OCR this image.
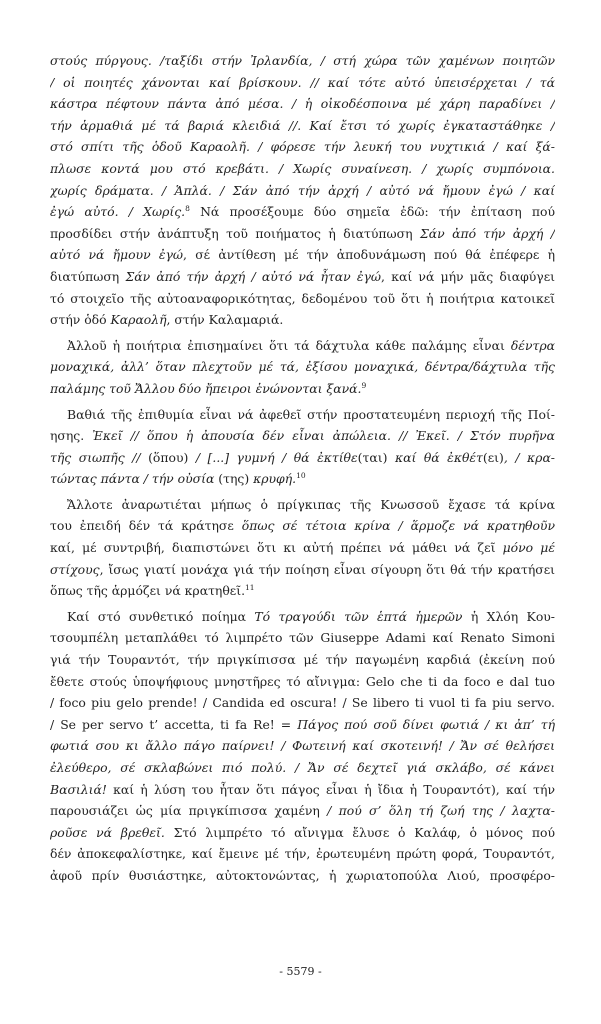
στούς πύργους. /ταξίδι στήν Ἰρλανδία, / στή χώρα τῶν χαμένων ποιητῶν
/ οἱ ποιητές χάνονται καί βρίσκουν. // καί τότε αὐτό ὑπεισέρχεται / τά
κάστρα πέφτουν πάντα ἀπό μέσα. / ἡ οἰκοδέσποινα μέ χάρη παραδίνει /
τήν ἁρμαθιά μέ τά βαριά κλειδιά //. Καί ἔτσι τό χωρίς ἐγκαταστάθηκε /
στό σπίτι τῆς ὁδοῦ Καραολῆ. / φόρεσε τήν λευκή του νυχτικιά / καί ξά-
πλωσε κοντά μου στό κρεβάτι. / Χωρίς συναίνεση. / χωρίς συμπόνοια.
χωρίς δράματα. / Ἁπλά. / Σάν ἀπό τήν ἀρχή / αὐτό νά ἤμουν ἐγώ / καί
ἐγώ αὐτό. / Χωρίς.$^8$ Νά προσέξουμε δύο σημεῖα ἐδῶ: τήν ἐπίταση πού
προσδίδει στήν ἀνάπτυξη τοῦ ποιήματος ἡ διατύπωση Σάν ἀπό τήν ἀρχή /
αὐτό νά ἤμουν ἐγώ, σέ ἀντίθεση μέ τήν ἀποδυνάμωση πού θά ἐπέφερε ἡ
διατύπωση Σάν ἀπό τήν ἀρχή / αὐτό νά ἦταν ἐγώ, καί νά μήν μᾶς διαφύγει
τό στοιχεῖο τῆς αὐτοαναφορικότητας, δεδομένου τοῦ ὅτι ἡ ποιήτρια κατοικεῖ
στήν ὁδό Καραολῆ, στήν Καλαμαριά.
Ἀλλοῦ ἡ ποιήτρια ἐπισημαίνει ὅτι τά δάχτυλα κάθε παλάμης εἶναι δέντρα
μοναχικά, ἀλλ’ ὅταν πλεχτοῦν μέ τά, ἐξίσου μοναχικά, δέντρα/δάχτυλα τῆς
παλάμης τοῦ Ἄλλου δύο ἤπειροι ἑνώνονται ξανά.$^9$
Βαθιά τῆς ἐπιθυμία εἶναι νά ἀφεθεῖ στήν προστατευμένη περιοχή τῆς Ποί-
ησης. Ἐκεῖ // ὅπου ἡ ἀπουσία δέν εἶναι ἀπώλεια. // Ἐκεῖ. / Στόν πυρῆνα
τῆς σιωπῆς // (ὅπου) / [...] γυμνή / θά ἐκτίθε(ται) καί θά ἐκθέτ(ει), / κρα-
τώντας πάντα / τήν οὐσία (της) κρυφή.$^{10}$
Ἄλλοτε ἀναρωτιέται μήπως ὁ πρίγκιπας τῆς Κνωσσοῦ ἔχασε τά κρίνα
του ἐπειδή δέν τά κράτησε ὅπως σέ τέτοια κρίνα / ἅρμοζε νά κρατηθοῦν
καί, μέ συντριβή, διαπιστώνει ὅτι κι αὐτή πρέπει νά μάθει νά ζεῖ μόνο μέ
στίχους, ἴσως γιατί μονάχα γιά τήν ποίηση εἶναι σίγουρη ὅτι θά τήν κρατήσει
ὅπως τῆς ἁρμόζει νά κρατηθεῖ.$^{11}$
Καί στό συνθετικό ποίημα Τό τραγούδι τῶν ἑπτά ἡμερῶν ἡ Χλόη Κου-
τσουμπέλη μεταπλάθει τό λιμπρέτο τῶν Giuseppe Adami καί Renato Simoni
γιά τήν Τουραντότ, τήν πριγκίπισσα μέ τήν παγωμένη καρδιά (ἐκείνη πού
ἔθετε στούς ὑποψήφιους μνηστῆρες τό αἴνιγμα: Gelo che ti da foco e dal tuo
/ foco piu gelo prende! / Candida ed oscura! / Se libero ti vuol ti fa piu servo.
/ Se per servo t’ accetta, ti fa Re! = Πάγος πού σοῦ δίνει φωτιά / κι ἀπ’ τή
φωτιά σου κι ἄλλο πάγο παίρνει! / Φωτεινή καί σκοτεινή! / Ἄν σέ θελήσει
ἐλεύθερο, σέ σκλαβώνει πιό πολύ. / Ἄν σέ δεχτεῖ γιά σκλάβο, σέ κάνει
Βασιλιά! καί ἡ λύση του ἦταν ὅτι πάγος εἶναι ἡ ἴδια ἡ Τουραντότ), καί τήν
παρουσιάζει ὡς μία πριγκίπισσα χαμένη / πού σ’ ὅλη τή ζωή της / λαχτα-
ροῦσε νά βρεθεῖ. Στό λιμπρέτο τό αἴνιγμα ἔλυσε ὁ Καλάφ, ὁ μόνος πού
δέν ἀποκεφαλίστηκε, καί ἔμεινε μέ τήν, ἐρωτευμένη πρώτη φορά, Τουραντότ,
ἀφοῦ πρίν θυσιάστηκε, αὐτοκτονώντας, ἡ χωριατοπούλα Λιού, προσφέρο-
- 5579 -
